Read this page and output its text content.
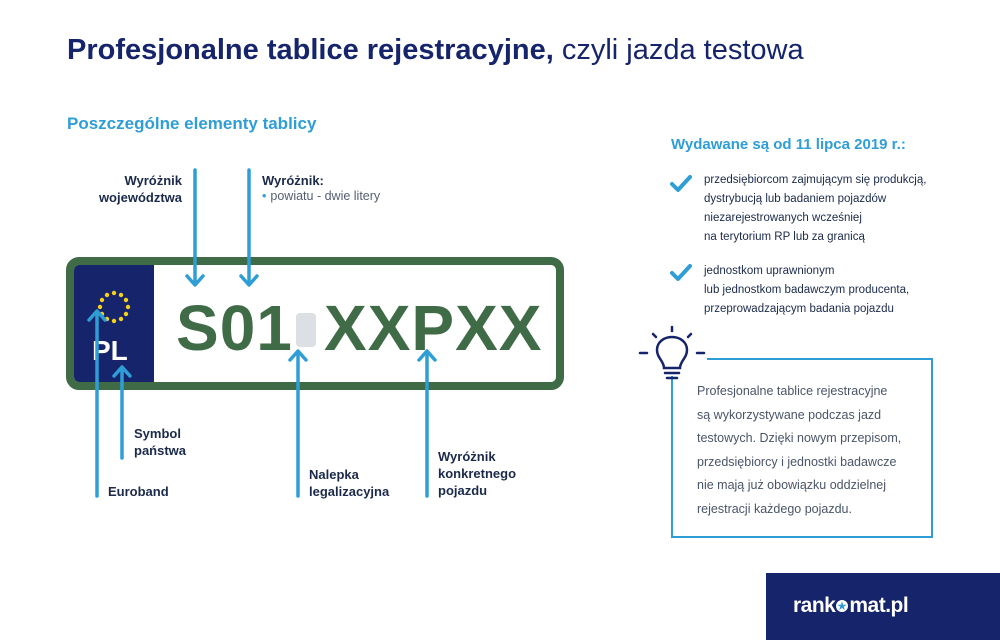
Profesjonalne tablice rejestracyjne, czyli jazda testowa
Poszczególne elementy tablicy
Wyróżnik
województwa
Wyróżnik:
• powiatu - dwie litery
PL S01 XXPXX
Symbol
państwa
Euroband
Nalepka
legalizacyjna
Wyróżnik
konkretnego
pojazdu
Wydawane są od 11 lipca 2019 r.:
przedsiębiorcom zajmującym się produkcją,
dystrybucją lub badaniem pojazdów
niezarejestrowanych wcześniej
na terytorium RP lub za granicą
jednostkom uprawnionym
lub jednostkom badawczym producenta,
przeprowadzającym badania pojazdu
Profesjonalne tablice rejestracyjne
są wykorzystywane podczas jazd
testowych. Dzięki nowym przepisom,
przedsiębiorcy i jednostki badawcze
nie mają już obowiązku oddzielnej
rejestracji każdego pojazdu.
rank mat.pl
